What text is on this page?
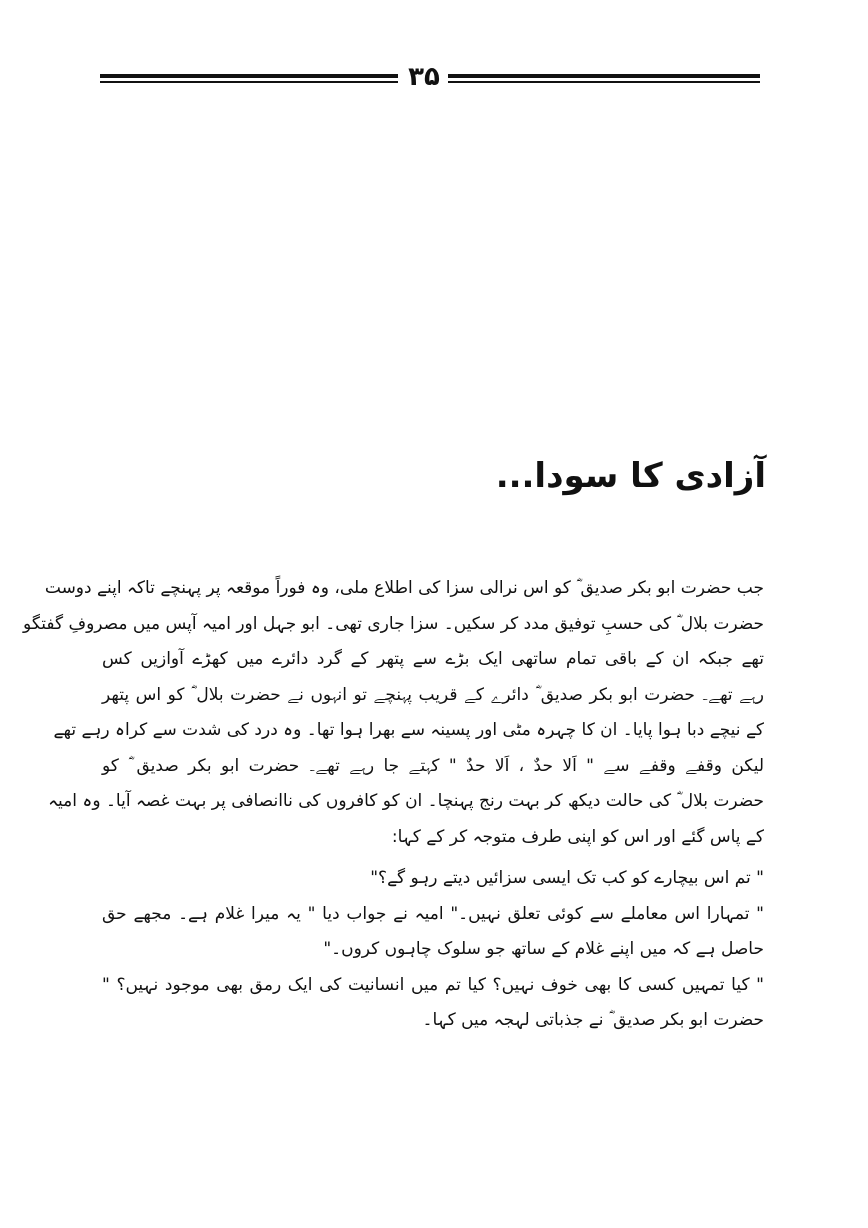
۳۵
آزادی کا سودا...
جب حضرت ابو بکر صدیق ؓ کو اس نرالی سزا کی اطلاع ملی، وہ فوراً موقعہ پر پہنچے تاکہ اپنے دوست
حضرت بلال ؓ کی حسبِ توفیق مدد کر سکیں۔ سزا جاری تھی۔ ابو جہل اور امیہ آپس میں مصروفِ گفتگو
تھے جبکہ ان کے باقی تمام ساتھی ایک بڑے سے پتھر کے گرد دائرے میں کھڑے آوازیں کس
رہے تھے۔ حضرت ابو بکر صدیق ؓ دائرے کے قریب پہنچے تو انہوں نے حضرت بلال ؓ کو اس پتھر
کے نیچے دبا ہوا پایا۔ ان کا چہرہ مٹی اور پسینہ سے بھرا ہوا تھا۔ وہ درد کی شدت سے کراہ رہے تھے
لیکن وقفے وقفے سے " اَلا حدٌ ، اَلا حدٌ " کہتے جا رہے تھے۔ حضرت ابو بکر صدیق ؓ کو
حضرت بلال ؓ کی حالت دیکھ کر بہت رنج پہنچا۔ ان کو کافروں کی ناانصافی پر بہت غصہ آیا۔ وہ امیہ
کے پاس گئے اور اس کو اپنی طرف متوجہ کر کے کہا:
" تم اس بیچارے کو کب تک ایسی سزائیں دیتے رہو گے؟"
" تمہارا اس معاملے سے کوئی تعلق نہیں۔" امیہ نے جواب دیا " یہ میرا غلام ہے۔ مجھے حق
حاصل ہے کہ میں اپنے غلام کے ساتھ جو سلوک چاہوں کروں۔"
" کیا تمہیں کسی کا بھی خوف نہیں؟ کیا تم میں انسانیت کی ایک رمق بھی موجود نہیں؟ "
حضرت ابو بکر صدیق ؓ نے جذباتی لہجہ میں کہا۔
